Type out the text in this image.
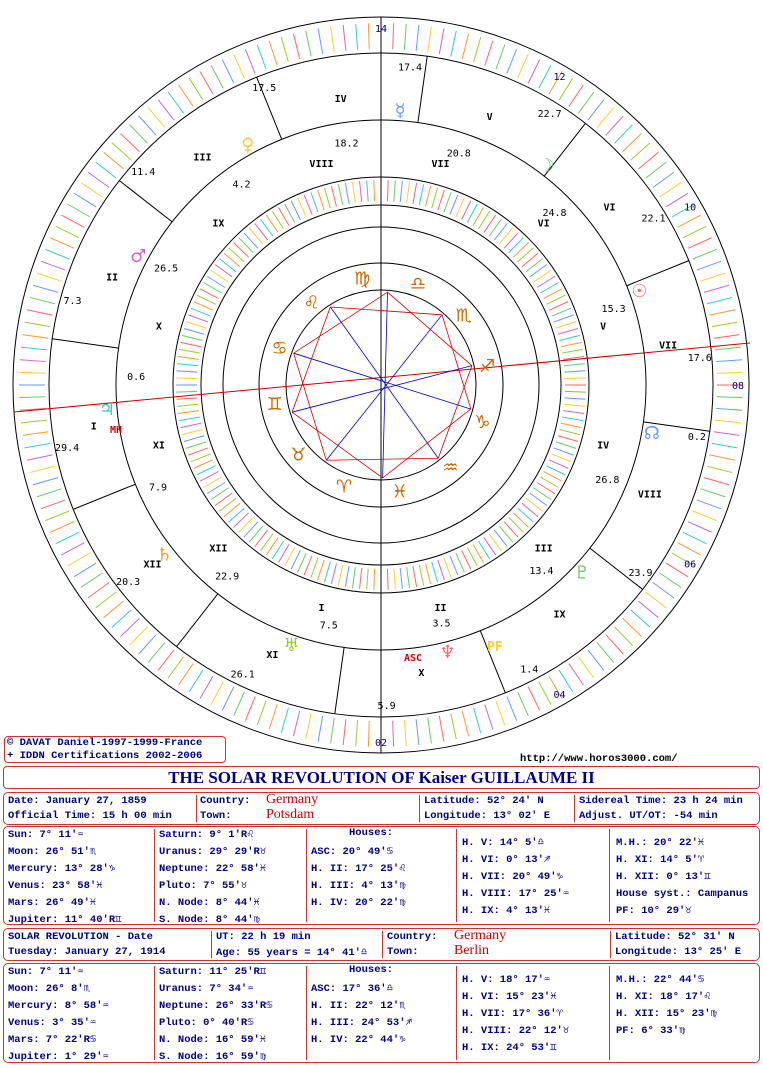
♈
♉
♊
♋
♌
♍ ♎
♏
♐
♑
♒
♓
I
II
III
IV
V
VI
VII
VIII
IX
X
XI
XII
VII
VI
V
IV
III
II
I
XII
XI
X
IX
VIII
14
12
10
08
06
04
02
17.6
15.3
22.1
24.8
22.7
20.8
17.4
18.2
17.5
4.2
11.4
26.5
7.3
0.6
29.4
7.9
20.3	22.9
26.1
7.5
5.9
3.5
1.4
13.4	23.9
26.8
0.2
☉
☽
☿
♀
♂
♃
♄
♅	♆
♇
☊
PF
ASC
MH
© DAVAT Daniel-1997-1999-France
+ IDDN Certifications 2002-2006	http://www.horos3000.com/
THE SOLAR REVOLUTION OF Kaiser GUILLAUME II
Date: January 27, 1859
Official Time: 15 h 00 min
Country: Germany
Town: Potsdam
Latitude: 52° 24' N
Longitude: 13° 02' E
Sidereal Time: 23 h 24 min
Adjust. UT/OT: -54 min
Sun: 7° 11'♒
Moon: 26° 51'♏
Mercury: 13° 28'♑
Venus: 23° 58'♓
Mars: 26° 49'♓
Jupiter: 11° 40'R♊
Saturn: 9° 1'R♌
Uranus: 29° 29'R♉
Neptune: 22° 58'♓
Pluto: 7° 55'♉
N. Node: 8° 44'♓
S. Node: 8° 44'♍
Houses:
ASC: 20° 49'♋
H. II: 17° 25'♌
H. III: 4° 13'♍
H. IV: 20° 22'♍
H. V: 14° 5'♎
H. VI: 0° 13'♐
H. VII: 20° 49'♑
H. VIII: 17° 25'♒
H. IX: 4° 13'♓
M.H.: 20° 22'♓
H. XI: 14° 5'♈
H. XII: 0° 13'♊
House syst.: Campanus
PF: 10° 29'♉
SOLAR REVOLUTION - Date
Tuesday: January 27, 1914
UT: 22 h 19 min
Age: 55 years = 14° 41'♎
Country: Germany
Town:	Berlin
Latitude: 52° 31' N
Longitude: 13° 25' E
Sun: 7° 11'♒
Moon: 26° 8'♏
Mercury: 8° 58'♒
Venus: 3° 35'♒
Mars: 7° 22'R♋
Jupiter: 1° 29'♒
Saturn: 11° 25'R♊
Uranus: 7° 34'♒
Neptune: 26° 33'R♋
Pluto: 0° 40'R♋
N. Node: 16° 59'♓
S. Node: 16° 59'♍
Houses:
ASC: 17° 36'♎
H. II: 22° 12'♏
H. III: 24° 53'♐
H. IV: 22° 44'♑
H. V: 18° 17'♒
H. VI: 15° 23'♓
H. VII: 17° 36'♈
H. VIII: 22° 12'♉
H. IX: 24° 53'♊
M.H.: 22° 44'♋
H. XI: 18° 17'♌
H. XII: 15° 23'♍
PF: 6° 33'♍
